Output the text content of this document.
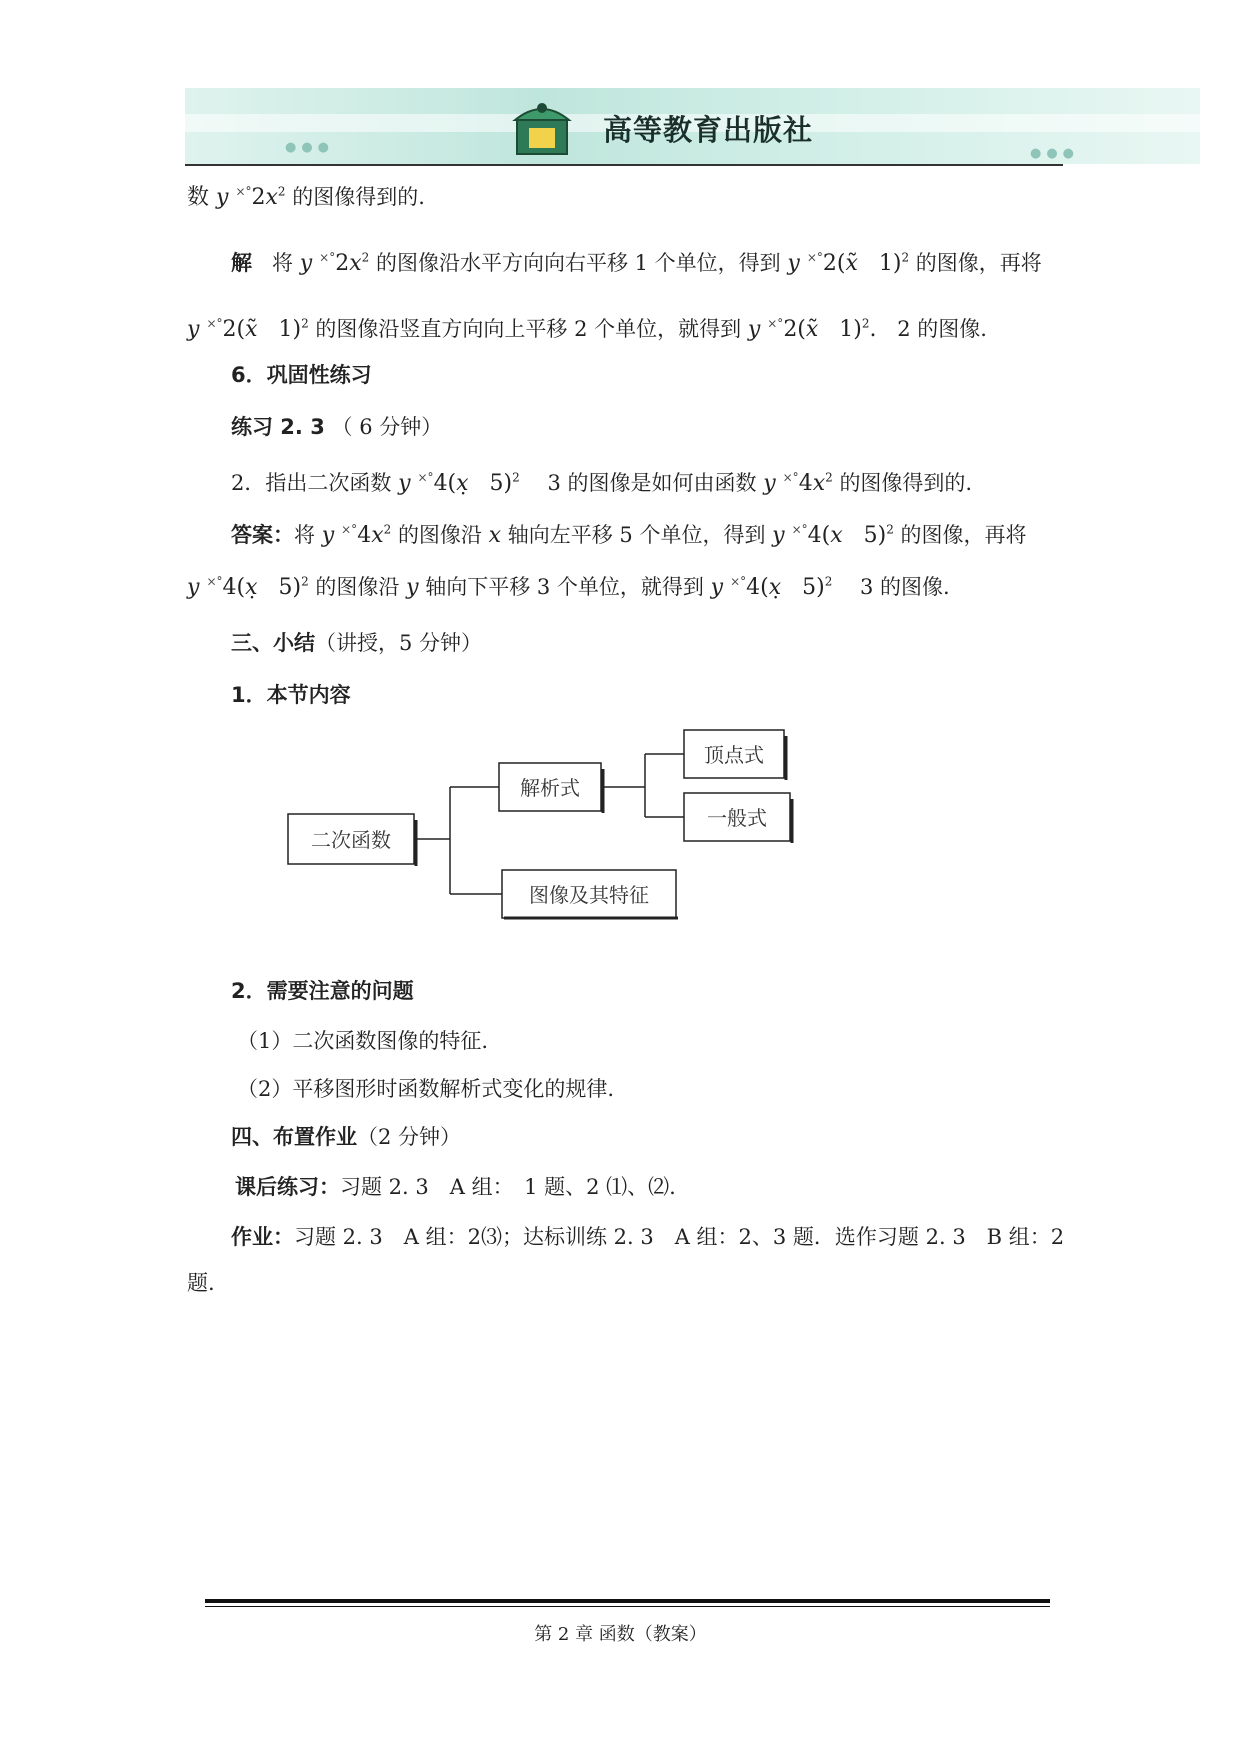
●●●	●●●
高等教育出版社
数 y $^{\times^\circ}2x^2$ 的图像得到的.
解 将 y $^{\times^\circ}2x^2$ 的图像沿水平方向向右平移 1 个单位，得到 y ×°2(x̃   1)$^2$ 的图像，再将
y ×°2(x̃   1)$^2$ 的图像沿竖直方向向上平移 2 个单位，就得到 y ×°2(x̃   1)$^2$.   2 的图像.
6．巩固性练习
练习 2. 3 （ 6 分钟）
2．指出二次函数 y ×°4(x̣   5)$^2$ 3 的图像是如何由函数 y $^{\times^\circ}4x^2$ 的图像得到的.
答案：将 y $^{\times^\circ}4x^2$ 的图像沿 x 轴向左平移 5 个单位，得到 y ×°4(x   5)$^2$ 的图像，再将
y ×°4(x̣   5)$^2$ 的图像沿 y 轴向下平移 3 个单位，就得到 y ×°4(x̣   5)$^2$ 3 的图像.
三、小结（讲授，5 分钟）
1．本节内容
二次函数
解析式
顶点式
一般式
图像及其特征
2．需要注意的问题
（1）二次函数图像的特征.
（2）平移图形时函数解析式变化的规律.
四、布置作业（2 分钟）
课后练习：习题 2. 3　A 组：　1 题、2 ⑴、⑵.
作业：习题 2. 3　A 组：2⑶；达标训练 2. 3　A 组：2、3 题．选作习题 2. 3　B 组：2
题.
第 2 章 函数（教案）
